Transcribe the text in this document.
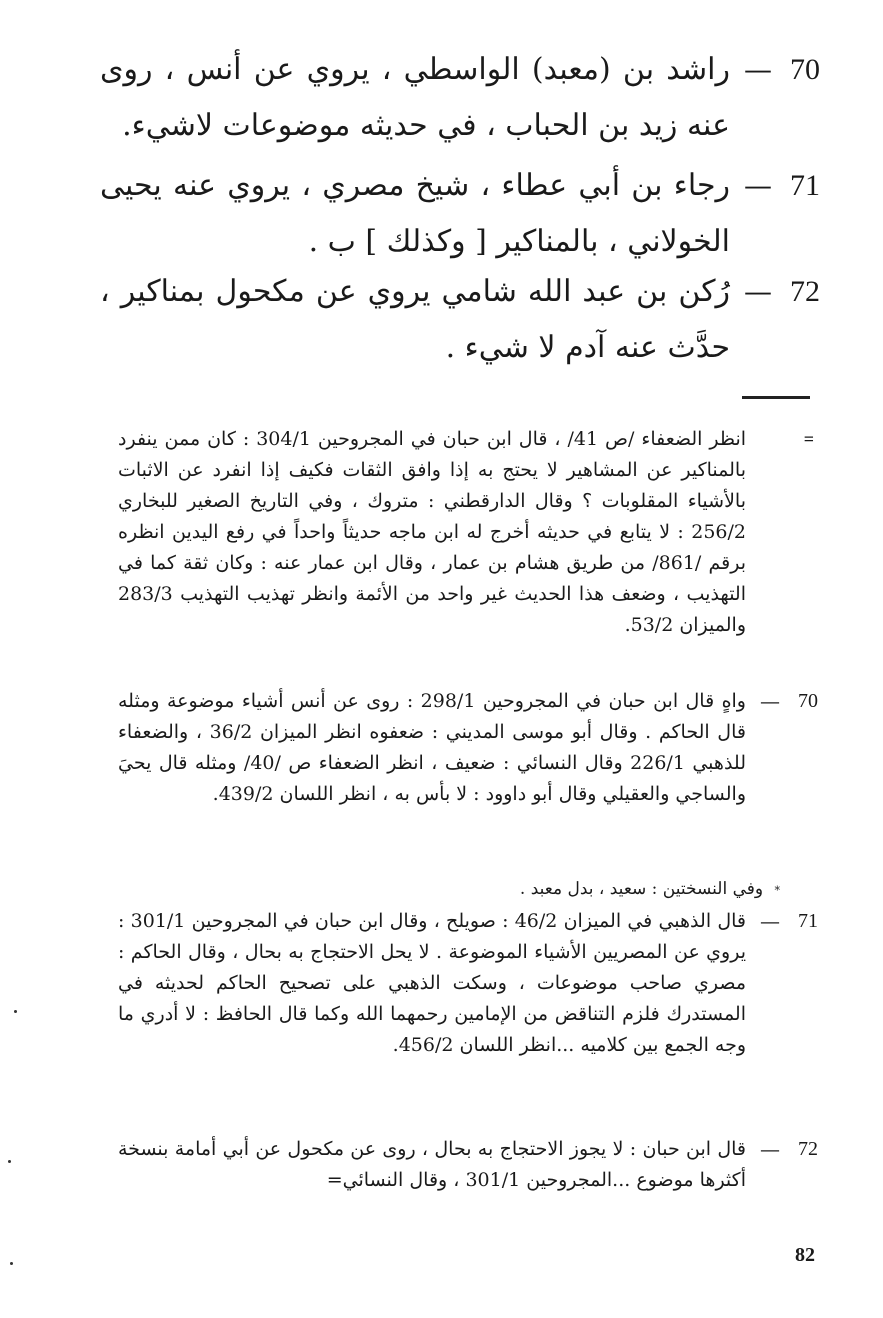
70
—
راشد بن (معبد) الواسطي ، يروي عن أنس ، روى عنه زيد بن الحباب ، في حديثه موضوعات لاشيء.
71
—
رجاء بن أبي عطاء ، شيخ مصري ، يروي عنه يحيى الخولاني ، بالمناكير [ وكذلك ] ب .
72
—
رُكن بن عبد الله شامي يروي عن مكحول بمناكير ، حدَّث عنه آدم لا شيء .
=
انظر الضعفاء /ص 41/ ، قال ابن حبان في المجروحين 304/1 : كان ممن ينفرد بالمناكير عن المشاهير لا يحتج به إذا وافق الثقات فكيف إذا انفرد عن الاثبات بالأشياء المقلوبات ؟ وقال الدارقطني : متروك ، وفي التاريخ الصغير للبخاري 256/2 : لا يتابع في حديثه أخرج له ابن ماجه حديثاً واحداً في رفع اليدين انظره برقم /861/ من طريق هشام بن عمار ، وقال ابن عمار عنه : وكان ثقة كما في التهذيب ، وضعف هذا الحديث غير واحد من الأئمة وانظر تهذيب التهذيب 283/3 والميزان 53/2.
70
—
واهٍ قال ابن حبان في المجروحين 298/1 : روى عن أنس أشياء موضوعة ومثله قال الحاكم . وقال أبو موسى المديني : ضعفوه انظر الميزان 36/2 ، والضعفاء للذهبي 226/1 وقال النسائي : ضعيف ، انظر الضعفاء ص /40/ ومثله قال يحيَ والساجي والعقيلي وقال أبو داوود : لا بأس به ، انظر اللسان 439/2.
* وفي النسختين : سعيد ، بدل معبد .
71
—
قال الذهبي في الميزان 46/2 : صويلح ، وقال ابن حبان في المجروحين 301/1 : يروي عن المصريين الأشياء الموضوعة . لا يحل الاحتجاج به بحال ، وقال الحاكم : مصري صاحب موضوعات ، وسكت الذهبي على تصحيح الحاكم لحديثه في المستدرك فلزم التناقض من الإمامين رحمهما الله وكما قال الحافظ : لا أدري ما وجه الجمع بين كلاميه ...انظر اللسان 456/2.
72
—
قال ابن حبان : لا يجوز الاحتجاج به بحال ، روى عن مكحول عن أبي أمامة بنسخة أكثرها موضوع ...المجروحين 301/1 ، وقال النسائي=
82
